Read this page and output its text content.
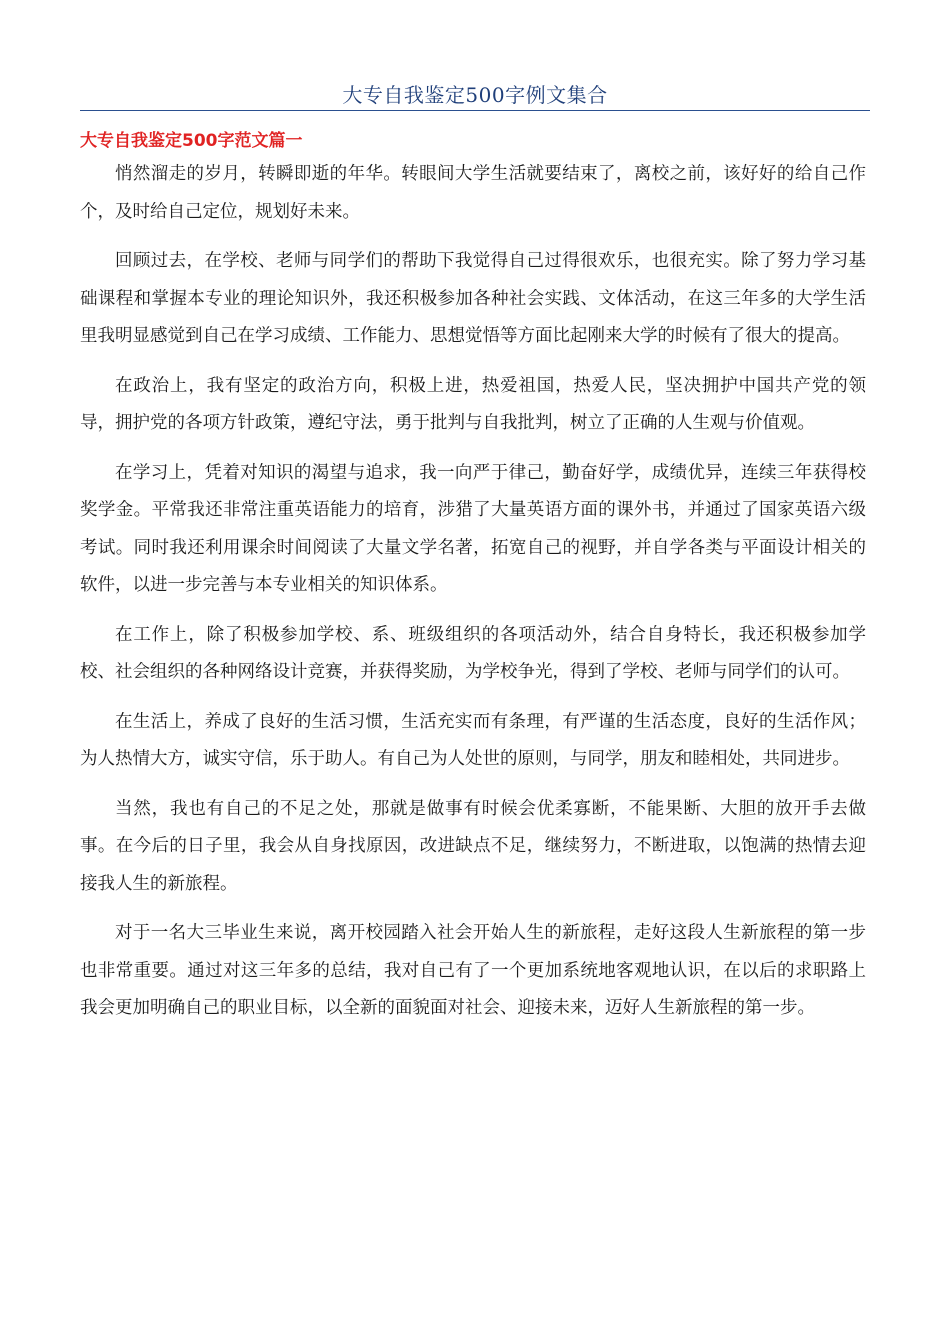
大专自我鉴定500字例文集合
大专自我鉴定500字范文篇一

悄然溜走的岁月，转瞬即逝的年华。转眼间大学生活就要结束了，离校之前，该好好的给自己作个，及时给自己定位，规划好未来。

回顾过去，在学校、老师与同学们的帮助下我觉得自己过得很欢乐，也很充实。除了努力学习基础课程和掌握本专业的理论知识外，我还积极参加各种社会实践、文体活动，在这三年多的大学生活里我明显感觉到自己在学习成绩、工作能力、思想觉悟等方面比起刚来大学的时候有了很大的提高。

在政治上，我有坚定的政治方向，积极上进，热爱祖国，热爱人民，坚决拥护中国共产党的领导，拥护党的各项方针政策，遵纪守法，勇于批判与自我批判，树立了正确的人生观与价值观。

在学习上，凭着对知识的渴望与追求，我一向严于律己，勤奋好学，成绩优异，连续三年获得校奖学金。平常我还非常注重英语能力的培育，涉猎了大量英语方面的课外书，并通过了国家英语六级考试。同时我还利用课余时间阅读了大量文学名著，拓宽自己的视野，并自学各类与平面设计相关的软件，以进一步完善与本专业相关的知识体系。

在工作上，除了积极参加学校、系、班级组织的各项活动外，结合自身特长，我还积极参加学校、社会组织的各种网络设计竞赛，并获得奖励，为学校争光，得到了学校、老师与同学们的认可。

在生活上，养成了良好的生活习惯，生活充实而有条理，有严谨的生活态度，良好的生活作风；为人热情大方，诚实守信，乐于助人。有自己为人处世的原则，与同学，朋友和睦相处，共同进步。

当然，我也有自己的不足之处，那就是做事有时候会优柔寡断，不能果断、大胆的放开手去做事。在今后的日子里，我会从自身找原因，改进缺点不足，继续努力，不断进取，以饱满的热情去迎接我人生的新旅程。

对于一名大三毕业生来说，离开校园踏入社会开始人生的新旅程，走好这段人生新旅程的第一步也非常重要。通过对这三年多的总结，我对自己有了一个更加系统地客观地认识，在以后的求职路上我会更加明确自己的职业目标，以全新的面貌面对社会、迎接未来，迈好人生新旅程的第一步。
